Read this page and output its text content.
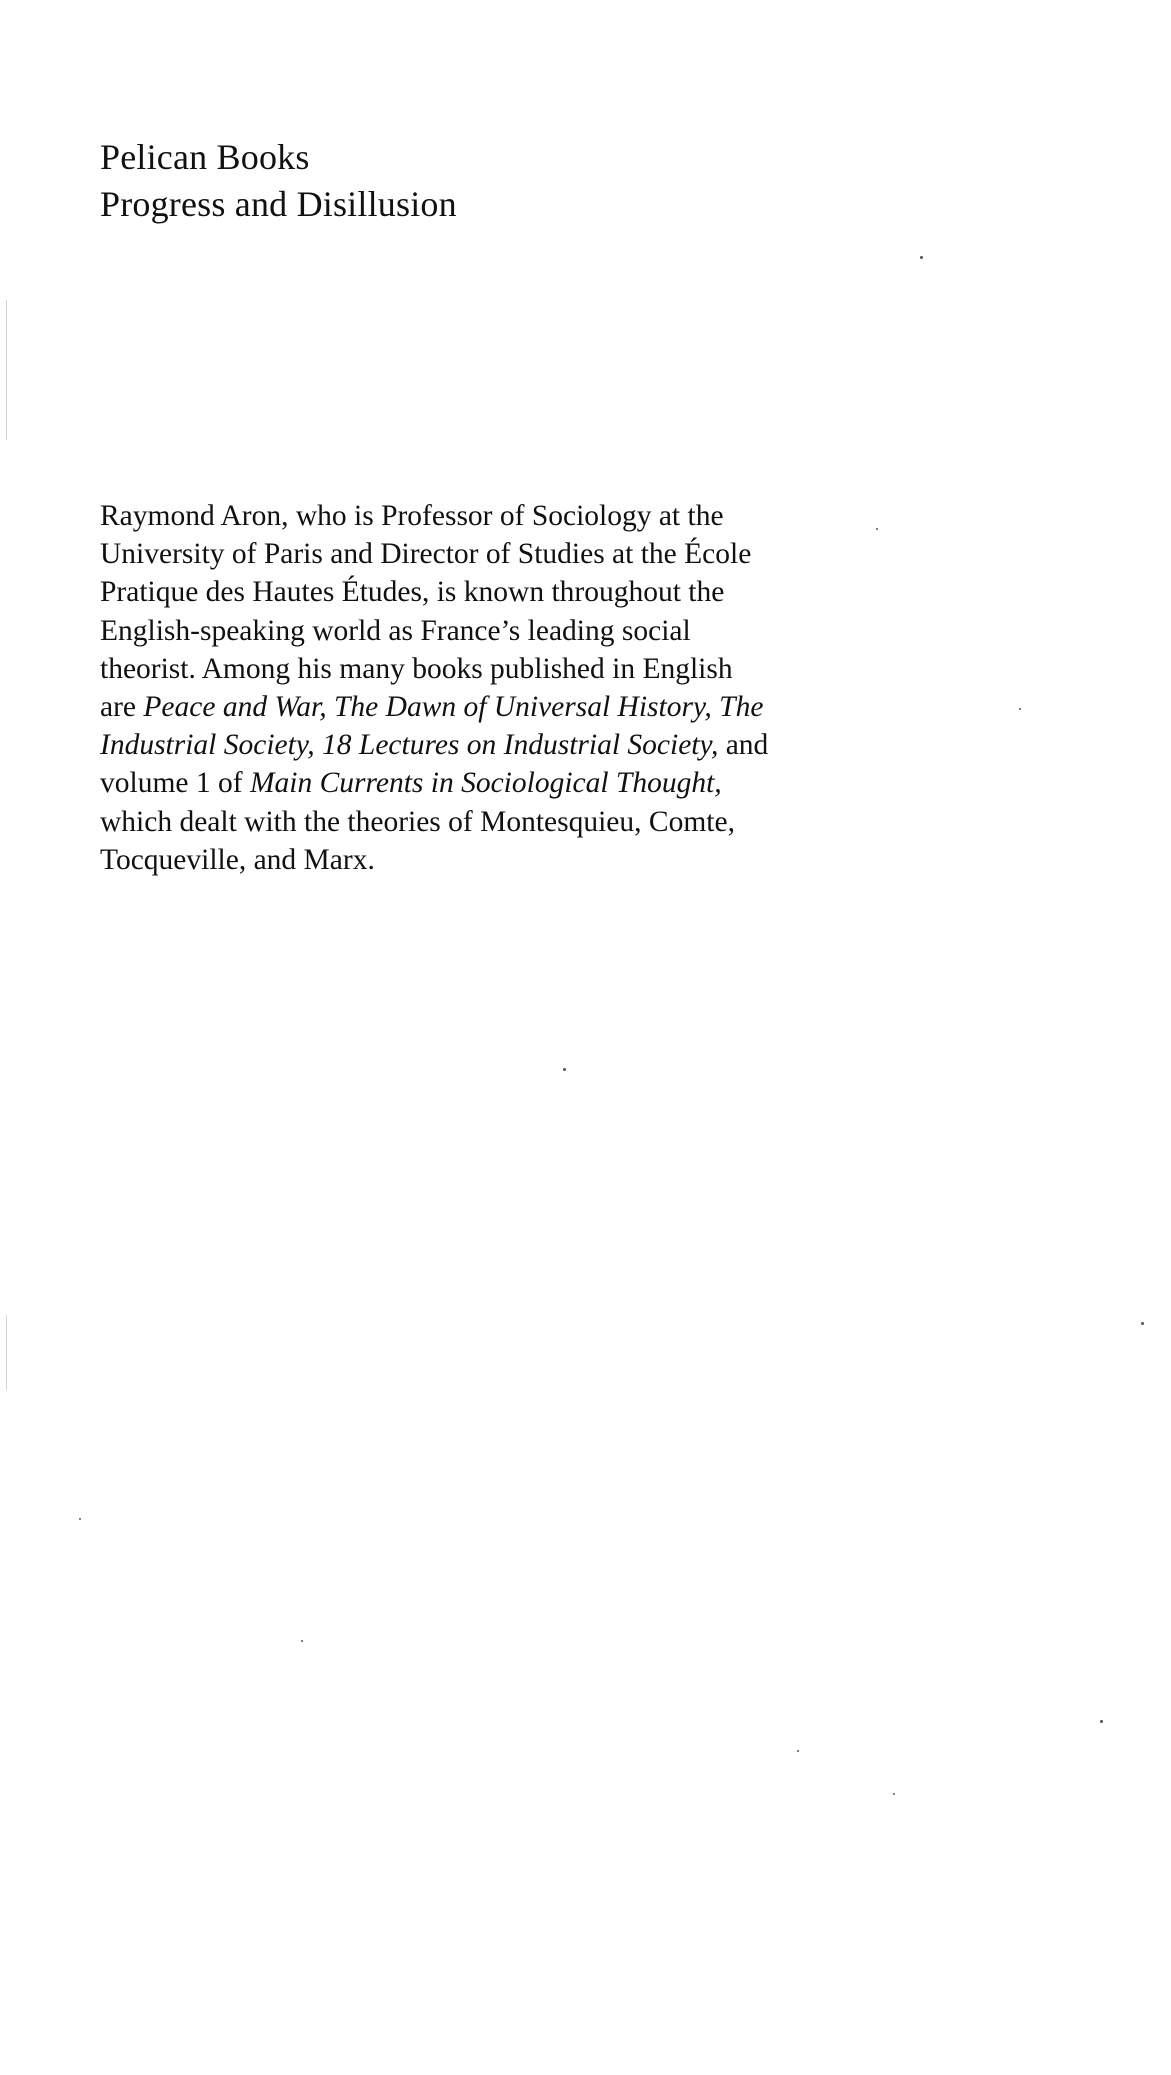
Pelican Books
Progress and Disillusion
Raymond Aron, who is Professor of Sociology at the
University of Paris and Director of Studies at the École
Pratique des Hautes Études, is known throughout the
English-speaking world as France’s leading social
theorist. Among his many books published in English
are Peace and War, The Dawn of Universal History, The
Industrial Society, 18 Lectures on Industrial Society, and
volume 1 of Main Currents in Sociological Thought,
which dealt with the theories of Montesquieu, Comte,
Tocqueville, and Marx.
